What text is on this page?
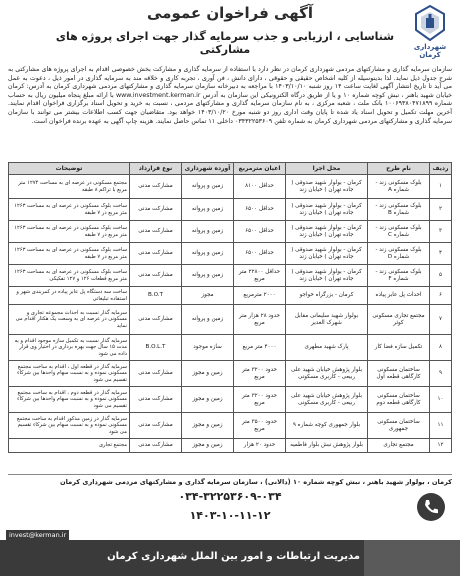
آگهی فراخوان عمومی
شناسایی ، ارزیابی و جذب سرمایه گذار جهت اجرای پروژه های مشارکتی	شهرداری کرمان
سازمان سرمایه گذاری و مشارکتهای مردمی شهرداری کرمان در نظر دارد با استفاده از سرمایه گذاری و مشارکت بخش خصوصی اقدام به اجرای پروژه های مشارکتی به شرح جدول ذیل نماید. لذا بدینوسیله از کلیه اشخاص حقیقی و حقوقی ، دارای دانش ، فن آوری ، تجربه کاری و خلاقه مند به سرمایه گذاری در امور ذیل ، دعوت به عمل می آید تا تاریخ انتشار آگهی لغایت ساعت ۱۴ روز شنبه ۱۴۰۳/۱۰/۱۰ با مراجعه به دبیرخانه سازمان سرمایه گذاری و مشارکتهای مردمی شهرداری کرمان به آدرس: کرمان خیابان شهید باهنر ، نبش کوچه شماره ۱۰ و یا از طریق درگاه الکترونیکی این سازمان به آدرس www.investment.kerman.ir با ارائه مبلغ پنجاه میلیون ریال به حساب شماره ۱۰۰۶۹۳۸۰۴۷۱۸۹۹ بانک ملت ، شعبه مرکزی ، به نام سازمان سرمایه گذاری و مشارکتهای مردمی ، نسبت به خرید و تحویل اسناد برگزاری فراخوان اقدام نمایند. آخرین مهلت تکمیل و تحویل اسناد یاد شده تا پایان وقت اداری روز دو شنبه مورخ ۱۴۰۳/۱۰/۲۰ خواهد بود. متقاضیان جهت کسب اطلاعات بیشتر می توانند با سازمان سرمایه گذاری و مشارکتهای مردمی شهرداری کرمان به شماره تلفن ۰۳۴۳۲۲۵۳۶۰۹ داخلی ۱۱ تماس حاصل نمایند. هزینه چاپ آگهی به عهده برنده فراخوان است.
ردیف	نام طرح	محل اجرا	اعیان مترمربع	آورده شهرداری	نوع قرارداد	توضیحات
۱	بلوک مسکونی زند - شماره A	کرمان - بولوار شهید صدوقی ( جاده تهران ) خیابان زند	حداقل ۸۱۰۰	زمین و پروانه	مشارکت مدنی	مجتمع مسکونی در عرصه ای به مساحت ۱۲۷۴ متر مربع با تراکم ۸ طبقه
۲	بلوک مسکونی زند - شماره B	کرمان - بولوار شهید صدوقی ( جاده تهران ) خیابان زند	حداقل ۶۵۰۰	زمین و پروانه	مشارکت مدنی	ساخت بلوک مسکونی در عرصه ای به مساحت ۱۲۶۳ متر مربع در ۷ طبقه
۳	بلوک مسکونی زند - شماره C	کرمان - بولوار شهید صدوقی ( جاده تهران ) خیابان زند	حداقل ۶۵۰۰	زمین و پروانه	مشارکت مدنی	ساخت بلوک مسکونی در عرصه ای به مساحت ۱۲۶۳ متر مربع در ۷ طبقه
۴	بلوک مسکونی زند - شماره D	کرمان - بولوار شهید صدوقی ( جاده تهران ) خیابان زند	حداقل ۶۵۰۰	زمین و پروانه	مشارکت مدنی	ساخت بلوک مسکونی در عرصه ای به مساحت ۱۲۶۳ متر مربع در ۷ طبقه
۵	بلوک مسکونی زند - شماره F	کرمان - بولوار شهید صدوقی ( جاده تهران ) خیابان زند	حداقل ۲۲۸۰۰ متر مربع	زمین و پروانه	مشارکت مدنی	ساخت بلوک مسکونی در عرصه ای به مساحت ۱۲۶۳ متر مربع قطعات ۱۲۶ و ۱۲۷ تفکیکی
۶	احداث پل عابر پیاده	کرمان - بزرگراه خواجو	۲۰۰۰ مترمربع	مجوز	B.O.T	ساخت سه دستگاه پل عابر پیاده در کمربندی شهر و استفاده تبلیغاتی
۷	مجتمع تجاری مسکونی کوثر	بولوار شهید سلیمانی مقابل شهرک الغدیر	حدود ۲۸ هزار متر مربع	زمین و پروانه	مشارکت مدنی	سرمایه گذار نسبت به احداث مجموعه تجاری و مسکونی در عرصه ای به وسعت یک هکتار اقدام می نماید
۸	تکمیل سازه فضا کار	پارک شهید مطهری	۴۰۰۰ متر مربع	سازه موجود	B.O.L.T	سرمایه گذار نسبت به تکمیل سازه موجود اقدام و به مدت ۱۵ سال جهت بهره برداری در اختیار وی قرار داده می شود
۹	ساختمان مسکونی کارگاهی قطعه اول	بلوار پژوهش خیابان شهید علی ربیعی - کاربری مسکونی	حدود ۳۲۰۰ متر مربع	زمین و مجوز	مشارکت مدنی	سرمایه گذار در قطعه اول ، اقدام به ساخت مجتمع مسکونی نموده و به نسبت سهام واحدها بین شرکاء تقسیم می شود
۱۰	ساختمان مسکونی کارگاهی قطعه دوم	بلوار پژوهش خیابان شهید علی ربیعی - کاربری مسکونی	حدود ۳۲۰۰ متر مربع	زمین و مجوز	مشارکت مدنی	سرمایه گذار در قطعه دوم ، اقدام به ساخت مجتمع مسکونی نموده و به نسبت سهام واحدها بین شرکاء تقسیم می شود
۱۱	ساختمان مسکونی جمهوری	بلوار جمهوری کوچه شماره ۹	حدود ۳۵۰۰ متر مربع	زمین و مجوز	مشارکت مدنی	سرمایه گذار در زمین مذکور اقدام به ساخت مجتمع مسکونی نموده و به نسبت سهام بین شرکاء تقسیم می شود
۱۲	مجتمع تجاری	بلوار پژوهش نبش بلوار فاطمیه	حدود ۲۰ هزار	زمین و مجوز	مشارکت مدنی	مجتمع تجاری
کرمان ، بولوار شهید باهنر ، نبش کوچه شماره ۱۰ (دالانی) ، سازمان سرمایه گذاری و مشارکتهای مردمی شهرداری کرمان
۰۳۴-۳۲۲۵۳۶۰۹-۰۳۴
۱۴۰۳-۱۰-۱۱-۱۲
مدیریت ارتباطات و امور بین الملل شهرداری کرمان
invest@kerman.ir
